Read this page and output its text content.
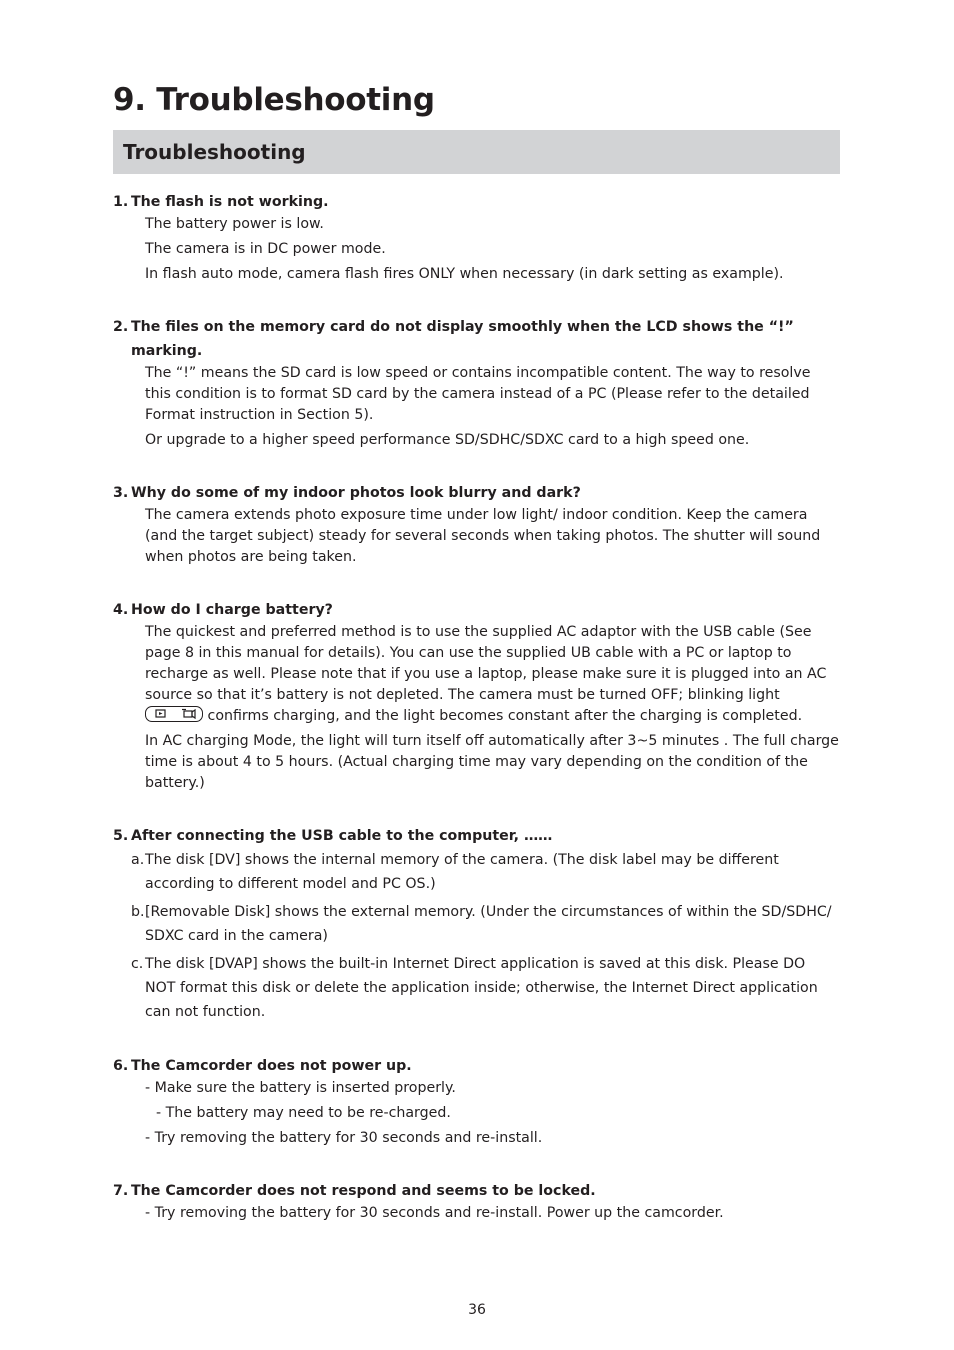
9. Troubleshooting
Troubleshooting
1. The flash is not working.

The battery power is low.

The camera is in DC power mode.

In flash auto mode, camera flash fires ONLY when necessary (in dark setting as example).

2. The files on the memory card do not display smoothly when the LCD shows the “!” marking.

The “!” means the SD card is low speed or contains incompatible content. The way to resolve this condition is to format SD card by the camera instead of a PC (Please refer to the detailed Format instruction in Section 5).

Or upgrade to a higher speed performance SD/SDHC/SDXC card to a high speed one.

3. Why do some of my indoor photos look blurry and dark?

The camera extends photo exposure time under low light/ indoor condition. Keep the camera (and the target subject) steady for several seconds when taking photos. The shutter will sound when photos are being taken.

4. How do I charge battery?

The quickest and preferred method is to use the supplied AC adaptor with the USB cable (See page 8 in this manual for details). You can use the supplied UB cable with a PC or laptop to recharge as well. Please note that if you use a laptop, please make sure it is plugged into an AC source so that it’s battery is not depleted. The camera must be turned OFF; blinking light
confirms charging, and the light becomes constant after the charging is completed.

In AC charging Mode, the light will turn itself off automatically after 3~5 minutes . The full charge time is about 4 to 5 hours. (Actual charging time may vary depending on the condition of the battery.)

5. After connecting the USB cable to the computer, ……
a. The disk [DV] shows the internal memory of the camera. (The disk label may be different according to different model and PC OS.)
b. [Removable Disk] shows the external memory. (Under the circumstances of within the SD/SDHC/ SDXC card in the camera)
c. The disk [DVAP] shows the built-in Internet Direct application is saved at this disk. Please DO NOT format this disk or delete the application inside; otherwise, the Internet Direct application can not function.
6. The Camcorder does not power up.
- Make sure the battery is inserted properly.
- The battery may need to be re-charged.
- Try removing the battery for 30 seconds and re-install.
7. The Camcorder does not respond and seems to be locked.
- Try removing the battery for 30 seconds and re-install. Power up the camcorder.
36
